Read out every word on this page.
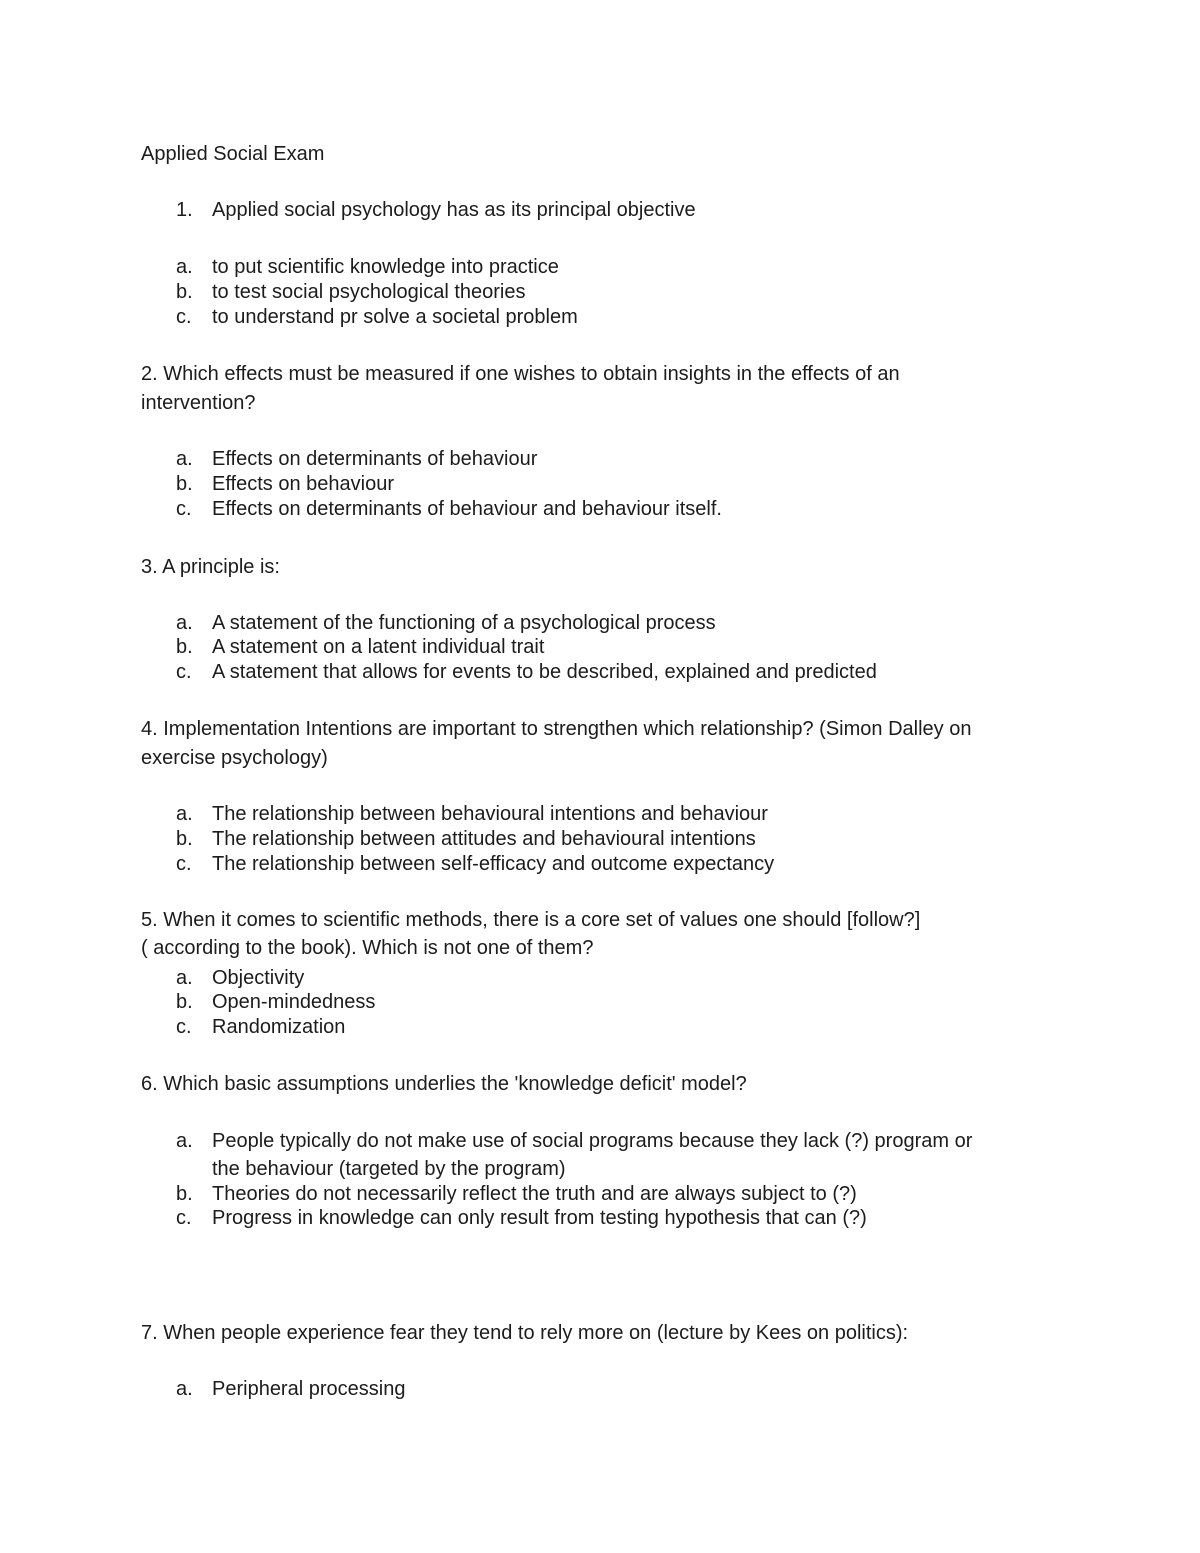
Applied Social Exam
1. Applied social psychology has as its principal objective
a. to put scientific knowledge into practice
b. to test social psychological theories
c. to understand pr solve a societal problem
2. Which effects must be measured if one wishes to obtain insights in the effects of an
intervention?
a. Effects on determinants of behaviour
b. Effects on behaviour
c. Effects on determinants of behaviour and behaviour itself.
3. A principle is:
a. A statement of the functioning of a psychological process
b. A statement on a latent individual trait
c. A statement that allows for events to be described, explained and predicted
4. Implementation Intentions are important to strengthen which relationship? (Simon Dalley on
exercise psychology)
a. The relationship between behavioural intentions and behaviour
b. The relationship between attitudes and behavioural intentions
c. The relationship between self-efficacy and outcome expectancy
5. When it comes to scientific methods, there is a core set of values one should [follow?]
( according to the book). Which is not one of them?
a. Objectivity
b. Open-mindedness
c. Randomization
6. Which basic assumptions underlies the 'knowledge deficit' model?
a. People typically do not make use of social programs because they lack (?) program or
the behaviour (targeted by the program)
b. Theories do not necessarily reflect the truth and are always subject to (?)
c. Progress in knowledge can only result from testing hypothesis that can (?)
7. When people experience fear they tend to rely more on (lecture by Kees on politics):
a. Peripheral processing
